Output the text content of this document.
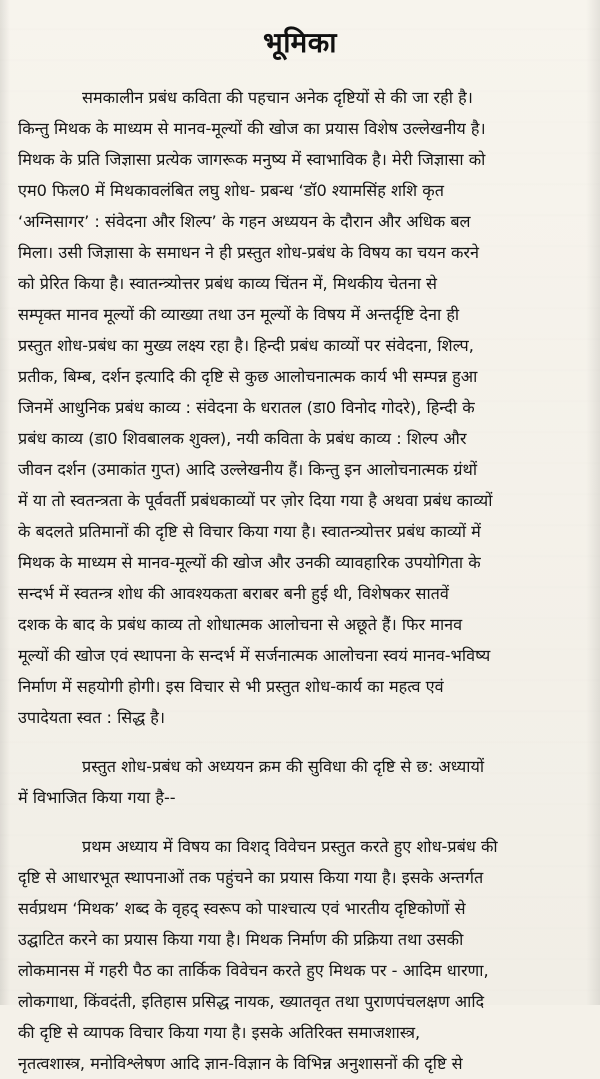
भूमिका
समकालीन प्रबंध कविता की पहचान अनेक दृष्टियों से की जा रही है।
किन्तु मिथक के माध्यम से मानव-मूल्यों की खोज का प्रयास विशेष उल्लेखनीय है।
मिथक के प्रति जिज्ञासा प्रत्येक जागरूक मनुष्य में स्वाभाविक है। मेरी जिज्ञासा को
एम0 फिल0 में मिथकावलंबित लघु शोध- प्रबन्ध ‘डॉ0 श्यामसिंह शशि कृत
‘अग्निसागर’ : संवेदना और शिल्प’ के गहन अध्ययन के दौरान और अधिक बल
मिला। उसी जिज्ञासा के समाधन ने ही प्रस्तुत शोध-प्रबंध के विषय का चयन करने
को प्रेरित किया है। स्वातन्त्र्योत्तर प्रबंध काव्य चिंतन में, मिथकीय चेतना से
सम्पृक्त मानव मूल्यों की व्याख्या तथा उन मूल्यों के विषय में अन्तर्दृष्टि देना ही
प्रस्तुत शोध-प्रबंध का मुख्य लक्ष्य रहा है। हिन्दी प्रबंध काव्यों पर संवेदना, शिल्प,
प्रतीक, बिम्ब, दर्शन इत्यादि की दृष्टि से कुछ आलोचनात्मक कार्य भी सम्पन्न हुआ
जिनमें आधुनिक प्रबंध काव्य : संवेदना के धरातल (डा0 विनोद गोदरे), हिन्दी के
प्रबंध काव्य (डा0 शिवबालक शुक्ल), नयी कविता के प्रबंध काव्य : शिल्प और
जीवन दर्शन (उमाकांत गुप्त) आदि उल्लेखनीय हैं। किन्तु इन आलोचनात्मक ग्रंथों
में या तो स्वतन्त्रता के पूर्ववर्ती प्रबंधकाव्यों पर ज़ोर दिया गया है अथवा प्रबंध काव्यों
के बदलते प्रतिमानों की दृष्टि से विचार किया गया है। स्वातन्त्र्योत्तर प्रबंध काव्यों में
मिथक के माध्यम से मानव-मूल्यों की खोज और उनकी व्यावहारिक उपयोगिता के
सन्दर्भ में स्वतन्त्र शोध की आवश्यकता बराबर बनी हुई थी, विशेषकर सातवें
दशक के बाद के प्रबंध काव्य तो शोधात्मक आलोचना से अछूते हैं। फिर मानव
मूल्यों की खोज एवं स्थापना के सन्दर्भ में सर्जनात्मक आलोचना स्वयं मानव-भविष्य
निर्माण में सहयोगी होगी। इस विचार से भी प्रस्तुत शोध-कार्य का महत्व एवं
उपादेयता स्वत : सिद्ध है।
प्रस्तुत शोध-प्रबंध को अध्ययन क्रम की सुविधा की दृष्टि से छ: अध्यायों
में विभाजित किया गया है--
प्रथम अध्याय में विषय का विशद् विवेचन प्रस्तुत करते हुए शोध-प्रबंध की
दृष्टि से आधारभूत स्थापनाओं तक पहुंचने का प्रयास किया गया है। इसके अन्तर्गत
सर्वप्रथम ‘मिथक’ शब्द के वृहद् स्वरूप को पाश्चात्य एवं भारतीय दृष्टिकोणों से
उद्घाटित करने का प्रयास किया गया है। मिथक निर्माण की प्रक्रिया तथा उसकी
लोकमानस में गहरी पैठ का तार्किक विवेचन करते हुए मिथक पर - आदिम धारणा,
लोकगाथा, किंवदंती, इतिहास प्रसिद्ध नायक, ख्यातवृत तथा पुराणपंचलक्षण आदि
की दृष्टि से व्यापक विचार किया गया है। इसके अतिरिक्त समाजशास्त्र,
नृतत्वशास्त्र, मनोविश्लेषण आदि ज्ञान-विज्ञान के विभिन्न अनुशासनों की दृष्टि से
